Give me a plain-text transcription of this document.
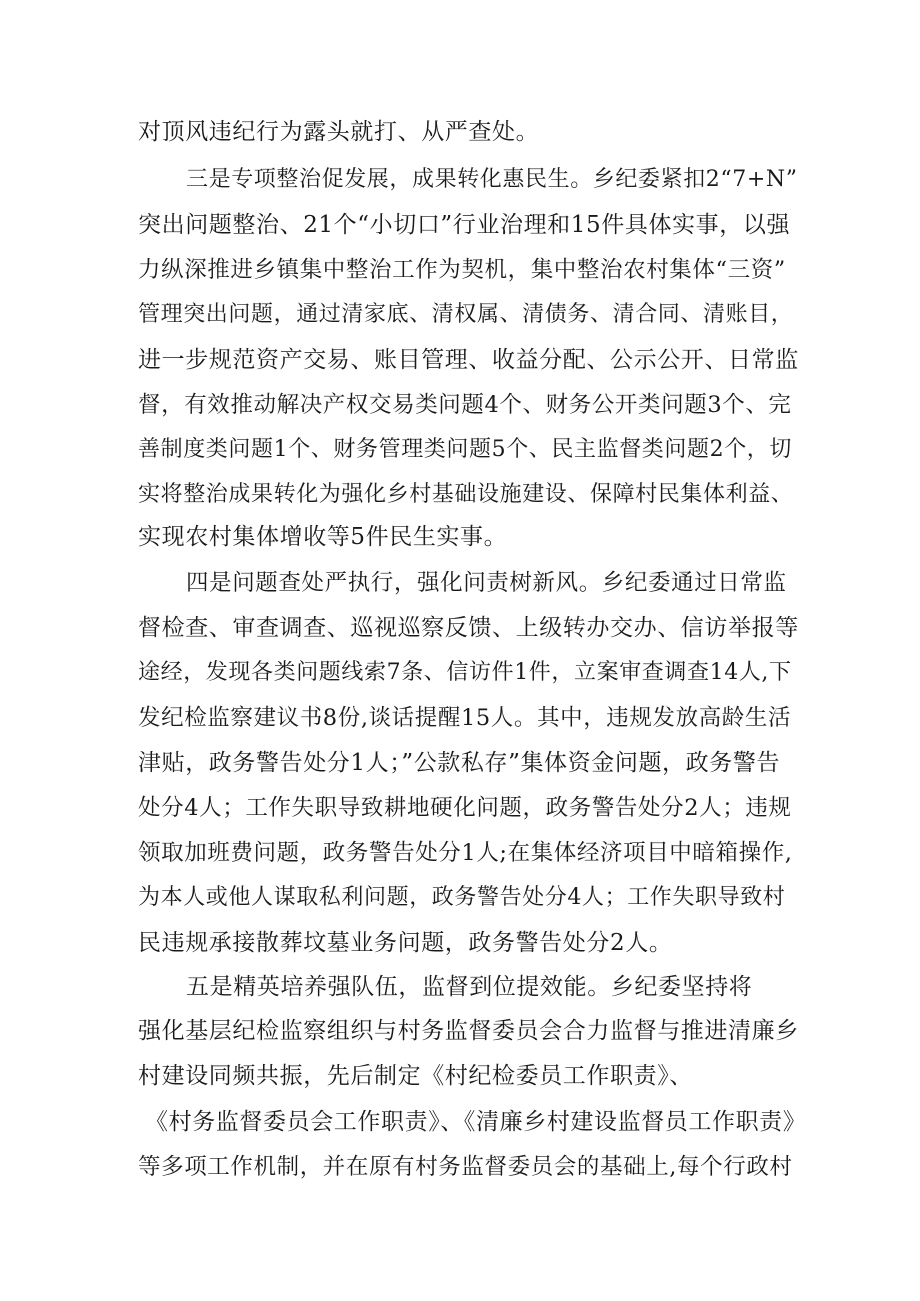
对顶风违纪行为露头就打、从严查处。
三是专项整治促发展，成果转化惠民生。乡纪委紧扣2“7+N”
突出问题整治、21个“小切口”行业治理和15件具体实事，以强
力纵深推进乡镇集中整治工作为契机，集中整治农村集体“三资”
管理突出问题，通过清家底、清权属、清债务、清合同、清账目，
进一步规范资产交易、账目管理、收益分配、公示公开、日常监
督，有效推动解决产权交易类问题4个、财务公开类问题3个、完
善制度类问题1个、财务管理类问题5个、民主监督类问题2个，切
实将整治成果转化为强化乡村基础设施建设、保障村民集体利益、
实现农村集体增收等5件民生实事。
四是问题查处严执行，强化问责树新风。乡纪委通过日常监
督检查、审查调查、巡视巡察反馈、上级转办交办、信访举报等
途经，发现各类问题线索7条、信访件1件，立案审查调查14人,下
发纪检监察建议书8份,谈话提醒15人。其中，违规发放高龄生活
津贴，政务警告处分1人；”公款私存”集体资金问题，政务警告
处分4人；工作失职导致耕地硬化问题，政务警告处分2人；违规
领取加班费问题，政务警告处分1人;在集体经济项目中暗箱操作,
为本人或他人谋取私利问题，政务警告处分4人；工作失职导致村
民违规承接散葬坟墓业务问题，政务警告处分2人。
五是精英培养强队伍，监督到位提效能。乡纪委坚持将
强化基层纪检监察组织与村务监督委员会合力监督与推进清廉乡
村建设同频共振，先后制定《村纪检委员工作职责》、
《村务监督委员会工作职责》、《清廉乡村建设监督员工作职责》
等多项工作机制，并在原有村务监督委员会的基础上,每个行政村
